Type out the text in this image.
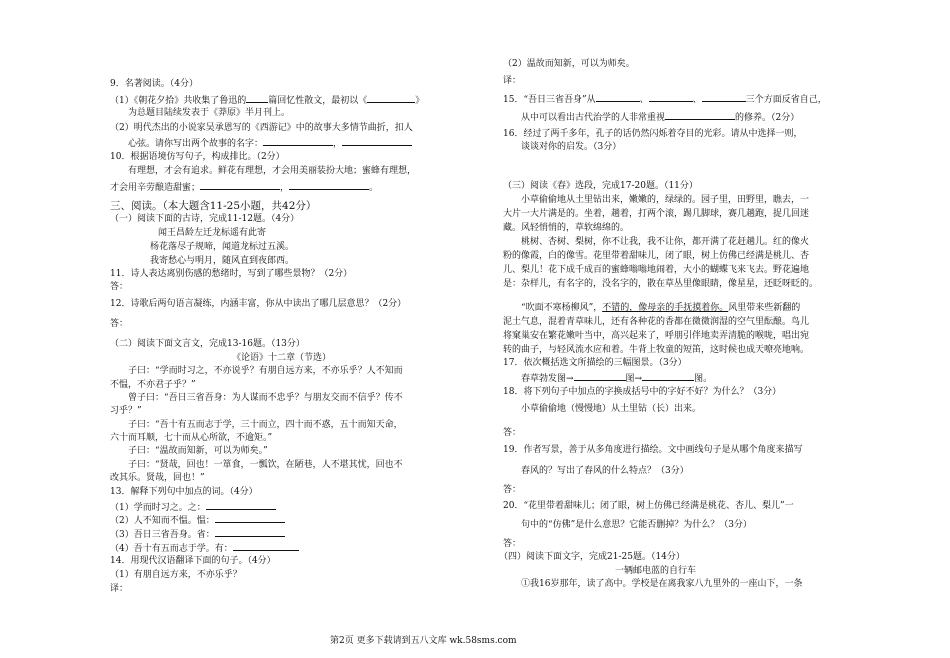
9．名著阅读。（4分）
（1）《朝花夕拾》共收集了鲁迅的 篇回忆性散文，最初以《	》
为总题目陆续发表于《莽原》半月刊上。
（2）明代杰出的小说家吴承恩写的《西游记》中的故事大多情节曲折，扣人
心弦。请你写出两个故事的名字：	，
10．根据语境仿写句子，构成排比。（2分）
有理想，才会有追求。鲜花有理想，才会用美丽装扮大地；蜜蜂有理想，
才会用辛劳酿造甜蜜；	，	。
三、阅读。（本大题含11-25小题，共42分）
（一）阅读下面的古诗，完成11-12题。（4分）
闻王昌龄左迁龙标遥有此寄
杨花落尽子规啼，闻道龙标过五溪。
我寄愁心与明月，随风直到夜郎西。
11．诗人表达离别伤感的愁绪时，写到了哪些景物？（2分）
答：
12．诗歌后两句语言凝练，内涵丰富，你从中读出了哪几层意思？（2分）
答：
（二）阅读下面文言文，完成13-16题。（13分）
《论语》十二章（节选）
子曰：“学而时习之，不亦说乎？有朋自远方来，不亦乐乎？人不知而
不愠，不亦君子乎？”
曾子曰：“吾日三省吾身：为人谋而不忠乎？与朋友交而不信乎？传不
习乎？”
子曰：“吾十有五而志于学，三十而立，四十而不惑，五十而知天命，
六十而耳顺，七十而从心所欲，不逾矩。”
子曰：“温故而知新，可以为师矣。”
子曰：“贤哉，回也！一箪食，一瓢饮，在陋巷，人不堪其忧，回也不
改其乐。贤哉，回也！”
13．解释下列句中加点的词。（4分）
（1）学而时习之。之：
（2）人不知而不愠。愠：
（3）吾日三省吾身。省：
（4）吾十有五而志于学。有：
14．用现代汉语翻译下面的句子。（4分）
（1）有朋自远方来，不亦乐乎？
译：
（2）温故而知新，可以为师矣。
译：
15．“吾日三省吾身”从	、	、	三个方面反省自己，
从中可以看出古代治学的人非常重视	的修养。（2分）
16．经过了两千多年，孔子的话仍然闪烁着夺目的光彩。请从中选择一则，
谈谈对你的启发。（3分）
（三）阅读《春》选段，完成17-20题。（11分）
小草偷偷地从土里钻出来，嫩嫩的，绿绿的。园子里，田野里，瞧去，一
大片一大片满是的。坐着，趟着，打两个滚，踢几脚球，赛几趟跑，捉几回迷
藏。风轻悄悄的，草软绵绵的。
桃树、杏树、梨树，你不让我，我不让你，都开满了花赶趟儿。红的像火
粉的像霞，白的像雪。花里带着甜味儿，闭了眼，树上仿佛已经满是桃儿、杏
儿、梨儿！花下成千成百的蜜蜂嗡嗡地闹着，大小的蝴蝶飞来飞去。野花遍地
是：杂样儿，有名字的，没名字的，散在草丛里像眼睛，像星星，还眨呀眨的。
“吹面不寒杨柳风”，不错的，像母亲的手抚摸着你。风里带来些新翻的
泥土气息，混着青草味儿，还有各种花的香都在微微润湿的空气里酝酿。鸟儿
将窠巢安在繁花嫩叶当中，高兴起来了，呼朋引伴地卖弄清脆的喉咙，唱出宛
转的曲子，与轻风流水应和着。牛背上牧童的短笛，这时候也成天嘹亮地响。
17．依次概括选文所描绘的三幅图景。（3分）
春草勃发图→	图→	图。
18．将下列句子中加点的字换成括号中的字好不好？为什么？（3分）
小草偷偷地（慢慢地）从土里钻（长）出来。
答：
19．作者写景，善于从多角度进行描绘。文中画线句子是从哪个角度来描写
春风的？写出了春风的什么特点？（3分）
答：
20．“花里带着甜味儿；闭了眼，树上仿佛已经满是桃花、杏儿、梨儿”一
句中的“仿佛”是什么意思？它能否删掉？为什么？（3分）
答：
（四）阅读下面文字，完成21-25题。（14分）
一辆邮电蓝的自行车
①我16岁那年，读了高中。学校是在离我家八九里外的一座山下，一条
第2页 更多下载请到五八文库 wk.58sms.com
